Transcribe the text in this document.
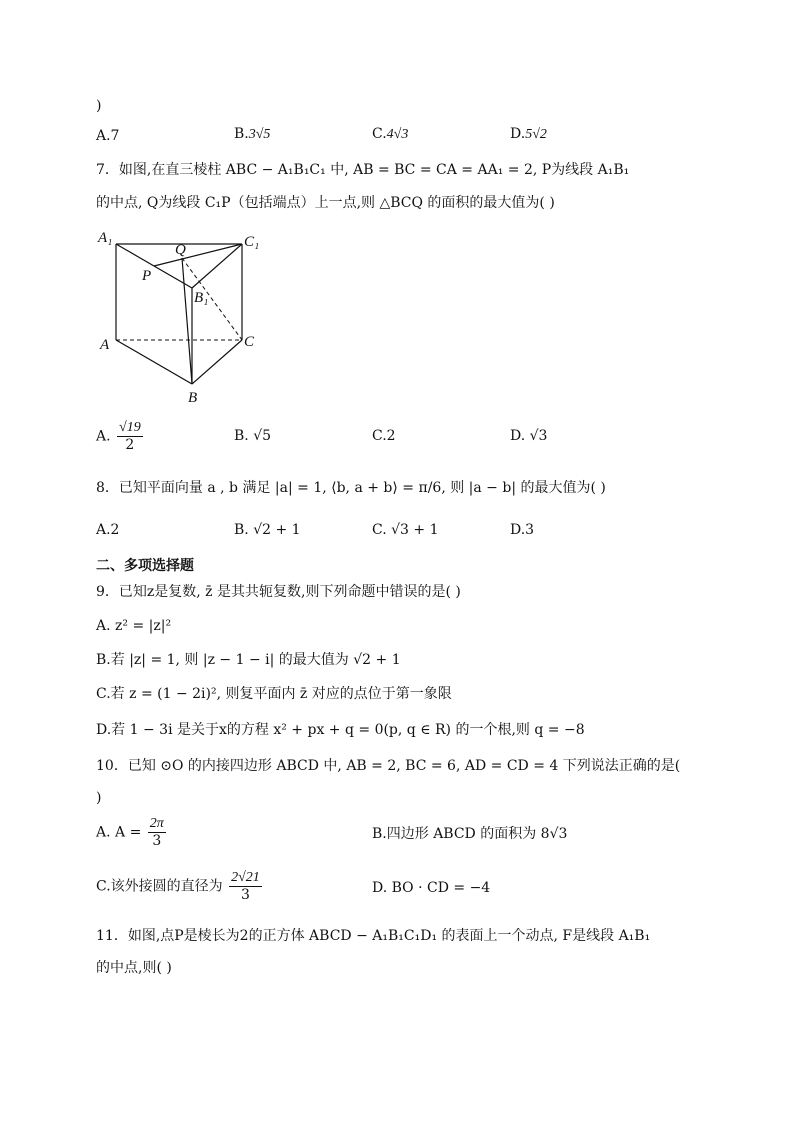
)
A.7	B.3√5	C.4√3	D.5√2
7．如图,在直三棱柱 ABC − A₁B₁C₁ 中, AB = BC = CA = AA₁ = 2, P为线段 A₁B₁
的中点, Q为线段 C₁P（包括端点）上一点,则 △BCQ 的面积的最大值为( )
A₁	C₁
Q
P
B₁
A	C
B
A. $\frac{√19}{2}$	B. √5	C.2	D. √3
8．已知平面向量 a , b 满足 |a| = 1, ⟨b, a + b⟩ = π/6, 则 |a − b| 的最大值为( )
A.2	B. √2 + 1	C. √3 + 1	D.3
二、多项选择题
9．已知z是复数, z̄ 是其共轭复数,则下列命题中错误的是( )
A. z² = |z|²
B.若 |z| = 1, 则 |z − 1 − i| 的最大值为 √2 + 1
C.若 z = (1 − 2i)², 则复平面内 z̄ 对应的点位于第一象限
D.若 1 − 3i 是关于x的方程 x² + px + q = 0(p, q ∈ R) 的一个根,则 q = −8
10．已知 ⊙O 的内接四边形 ABCD 中, AB = 2, BC = 6, AD = CD = 4 下列说法正确的是(
)
A. $A = \frac{2\pi}{3}$	B.四边形 ABCD 的面积为 8√3
C.该外接圆的直径为 $\frac{2√21}{3}$	D. BO · CD = −4
11．如图,点P是棱长为2的正方体 ABCD − A₁B₁C₁D₁ 的表面上一个动点, F是线段 A₁B₁
的中点,则( )
